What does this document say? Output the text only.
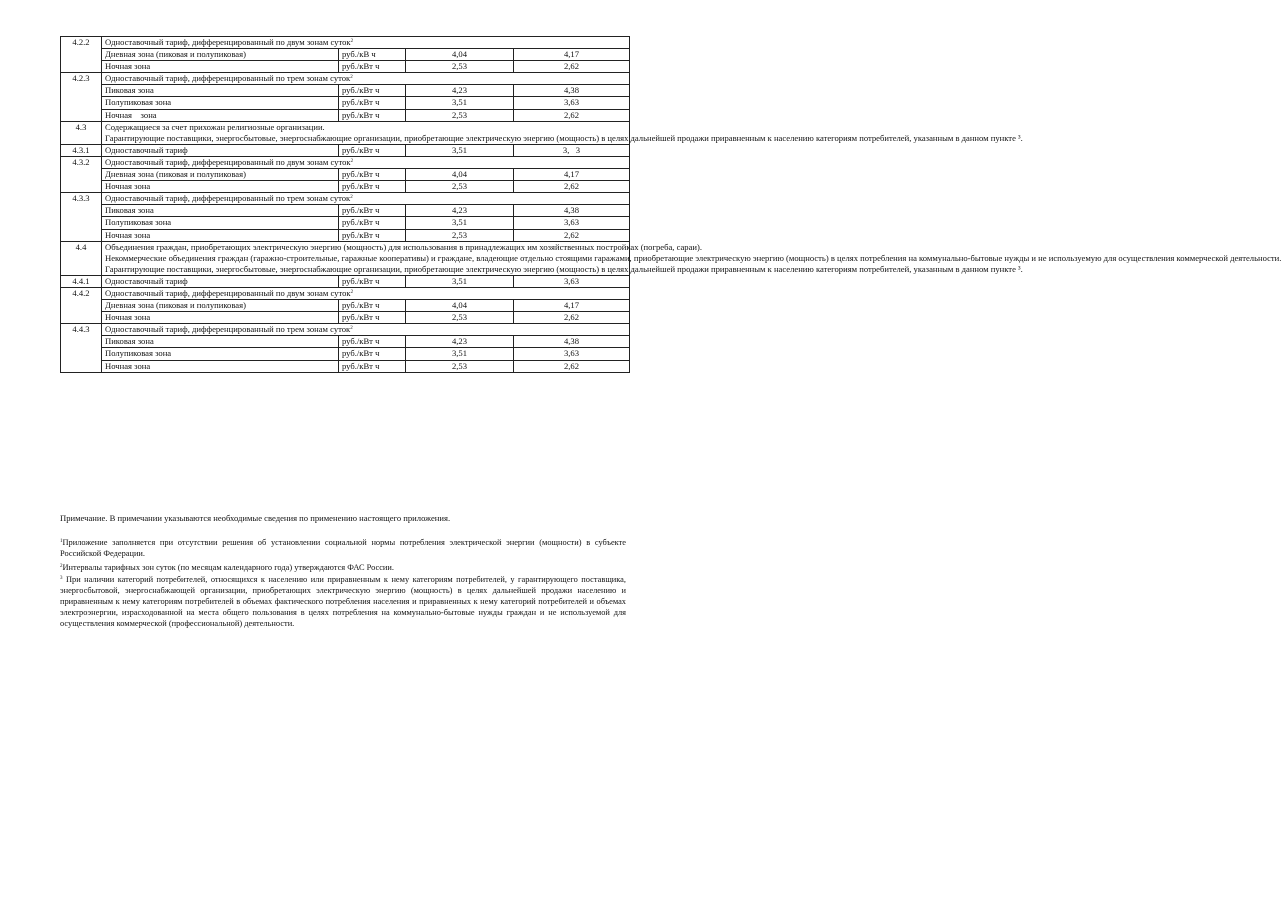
4.2.2	Одноставочный тариф, дифференцированный по двум зонам суток$^2$
	Дневная зона (пиковая и полупиковая)	руб./кВ ч	4,04	4,17
	Ночная зона	руб./кВт ч	2,53	2,62
4.2.3	Одноставочный тариф, дифференцированный по трем зонам суток$^2$
	Пиковая зона	руб./кВт ч	4,23	4,38
	Полупиковая зона	руб./кВт ч	3,51	3,63
	Ночная    зона	руб./кВт ч	2,53	2,62
4.3	Содержащиеся за счет прихожан религиозные организации.

Гарантирующие поставщики, энергосбытовые, энергоснабжающие организации, приобретающие электрическую энергию (мощность) в целях дальнейшей продажи приравненным к населению категориям потребителей, указанным в данном пункте ³.			

4.3.1	Одноставочный тариф	руб./кВт ч	3,51	3,   3
4.3.2	Одноставочный тариф, дифференцированный по двум зонам суток$^2$
	Дневная зона (пиковая и полупиковая)	руб./кВт ч	4,04	4,17
	Ночная зона	руб./кВт ч	2,53	2,62
4.3.3	Одноставочный тариф, дифференцированный по трем зонам суток$^2$
	Пиковая зона	руб./кВт ч	4,23	4,38
	Полупиковая зона	руб./кВт ч	3,51	3,63
	Ночная зона	руб./кВт ч	2,53	2,62
4.4	Объединения граждан, приобретающих электрическую энергию (мощность) для использования в принадлежащих им хозяйственных постройках (погреба, сараи).

Некоммерческие объединения граждан (гаражно-строительные, гаражные кооперативы) и граждане, владеющие отдельно стоящими гаражами, приобретающие электрическую энергию (мощность) в целях потребления на коммунально-бытовые нужды и не используемую для осуществления коммерческой деятельности.

Гарантирующие поставщики, энергосбытовые, энергоснабжающие организации, приобретающие электрическую энергию (мощность) в целях дальнейшей продажи приравненным к населению категориям потребителей, указанным в данном пункте ³.			

4.4.1	Одноставочный тариф	руб./кВт ч	3,51	3,63
4.4.2	Одноставочный тариф, дифференцированный по двум зонам суток$^2$
	Дневная зона (пиковая и полупиковая)	руб./кВт ч	4,04	4,17
	Ночная зона	руб./кВт ч	2,53	2,62
4.4.3	Одноставочный тариф, дифференцированный по трем зонам суток$^2$
	Пиковая зона	руб./кВт ч	4,23	4,38
	Полупиковая зона	руб./кВт ч	3,51	3,63
	Ночная зона	руб./кВт ч	2,53	2,62

Примечание. В примечании указываются необходимые сведения по применению настоящего приложения.

$^1$Приложение заполняется при отсутствии решения об установлении социальной нормы потребления электрической энергии (мощности) в субъекте Российской Федерации.

$^2$Интервалы тарифных зон суток (по месяцам календарного года) утверждаются ФАС России.

$^3$ При наличии категорий потребителей, относящихся к населению или приравненным к нему категориям потребителей, у гарантирующего поставщика, энергосбытовой, энергоснабжающей организации, приобретающих электрическую энергию (мощность) в целях дальнейшей продажи населению и приравненным к нему категориям потребителей в объемах фактического потребления населения и приравненных к нему категорий потребителей и объемах электроэнергии, израсходованной на места общего пользования в целях потребления на коммунально-бытовые нужды граждан и не используемой для осуществления коммерческой (профессиональной) деятельности.
